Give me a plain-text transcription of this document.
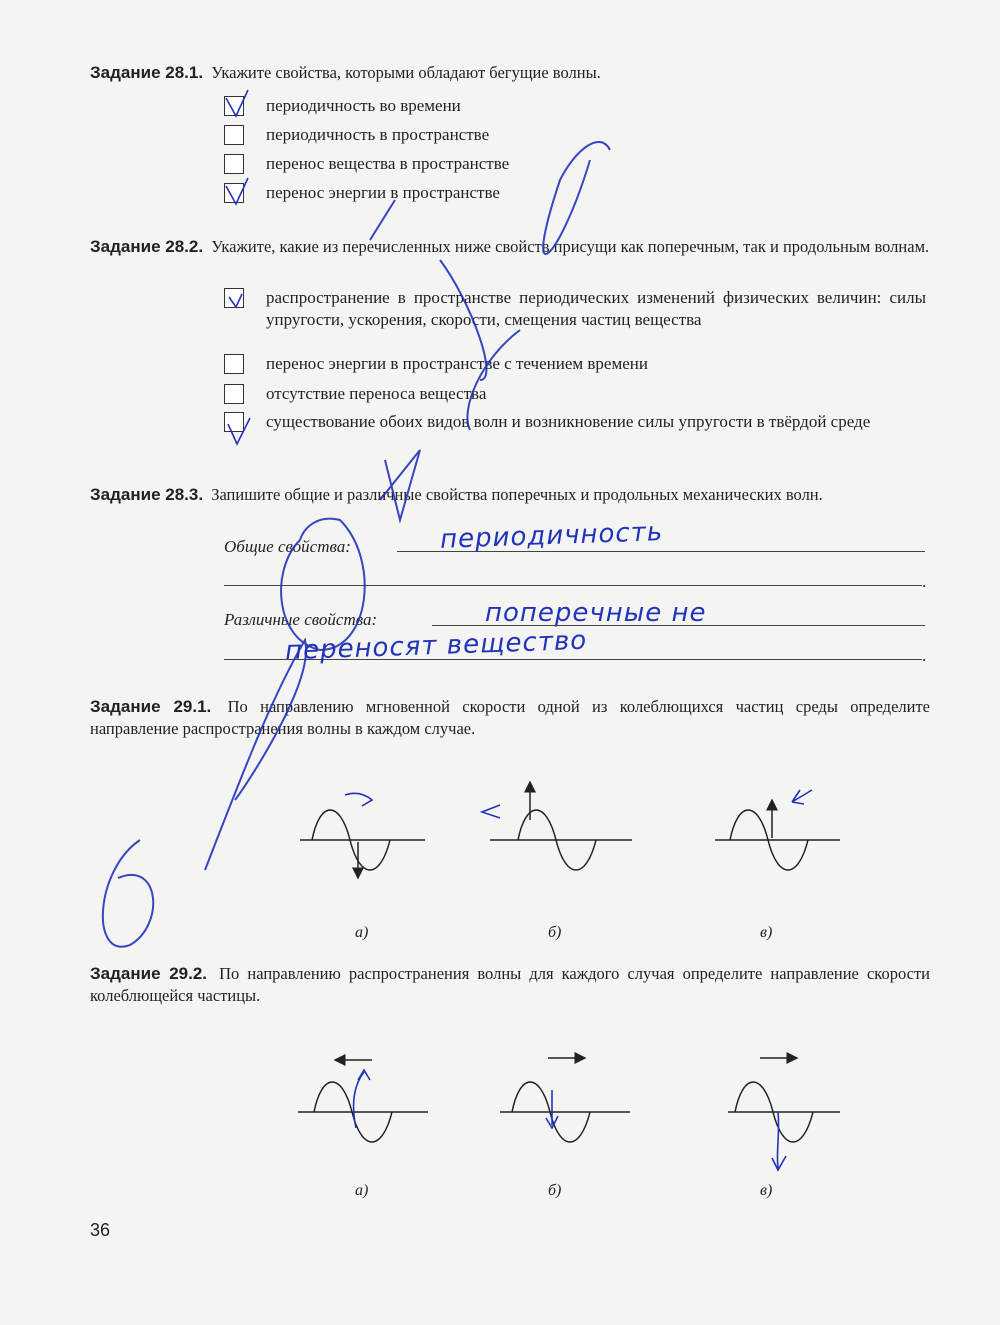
Задание 28.1. Укажите свойства, которыми обладают бегущие волны.
периодичность во времени
периодичность в пространстве
перенос вещества в пространстве
перенос энергии в пространстве
Задание 28.2. Укажите, какие из перечисленных ниже свойств присущи как поперечным, так и продольным волнам.
распространение в пространстве периодических изменений физических величин: силы упругости, ускорения, скорости, смещения частиц вещества
перенос энергии в пространстве с течением времени
отсутствие переноса вещества
существование обоих видов волн и возникновение силы упругости в твёрдой среде
Задание 28.3. Запишите общие и различные свойства поперечных и продольных механических волн.
Общие свойства:	периодичность
.
Различные свойства:	поперечные не
переносят вещество	.
Задание 29.1. По направлению мгновенной скорости одной из колеблющихся частиц среды определите направление распространения волны в каждом случае.
а)	б)	в)
Задание 29.2. По направлению распространения волны для каждого случая определите направление скорости колеблющейся частицы.
а)	б)	в)
36
